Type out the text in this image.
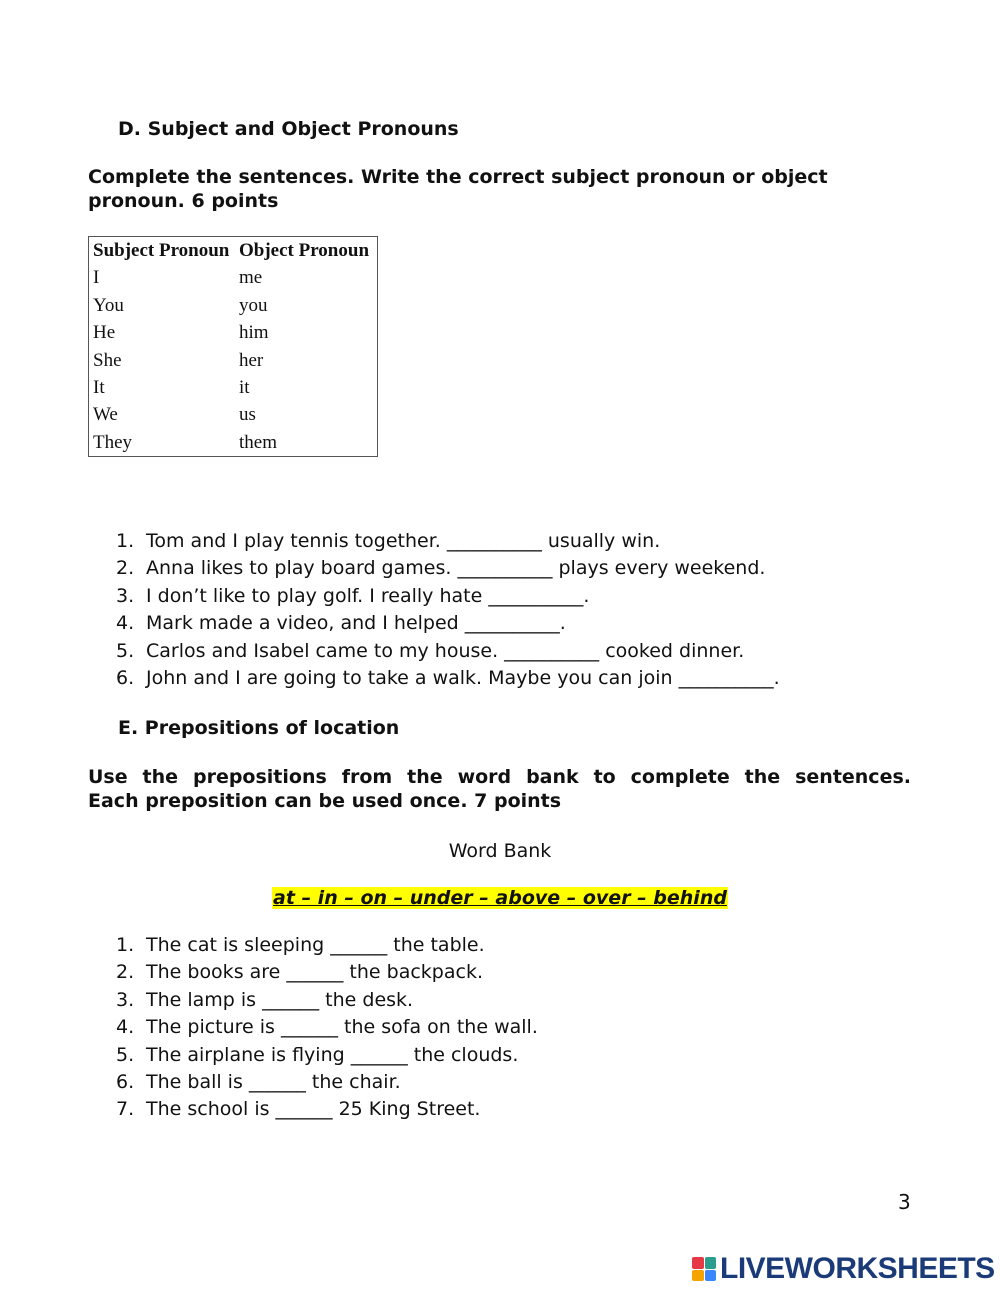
D. Subject and Object Pronouns
Complete the sentences. Write the correct subject pronoun or object pronoun. 6 points
Subject Pronoun	Object Pronoun
I	me
You	you
He	him
She	her
It	it
We	us
They	them
1. Tom and I play tennis together. __________ usually win.
2. Anna likes to play board games. __________ plays every weekend.
3. I don’t like to play golf. I really hate __________.
4. Mark made a video, and I helped __________.
5. Carlos and Isabel came to my house. __________ cooked dinner.
6. John and I are going to take a walk. Maybe you can join __________.
E. Prepositions of location
Use the prepositions from the word bank to complete the sentences.
Each preposition can be used once. 7 points
Word Bank
at – in – on – under – above – over – behind
1. The cat is sleeping ______ the table.
2. The books are ______ the backpack.
3. The lamp is ______ the desk.
4. The picture is ______ the sofa on the wall.
5. The airplane is flying ______ the clouds.
6. The ball is ______ the chair.
7. The school is ______ 25 King Street.
3
LIVEWORKSHEETS
